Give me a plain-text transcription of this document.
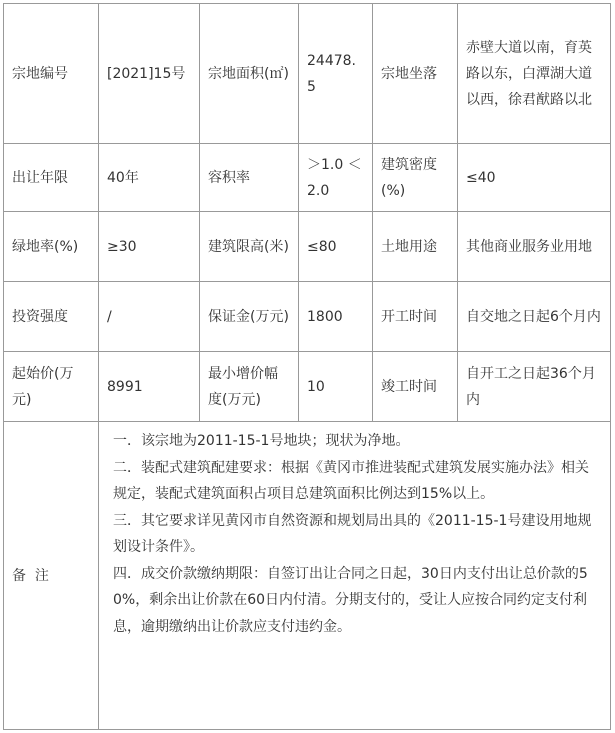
宗地编号	[2021]15号	宗地面积(㎡)	24478.5	宗地坐落	赤壁大道以南，育英路以东，白潭湖大道以西，徐君猷路以北
出让年限	40年	容积率	＞1.0 ＜2.0	建筑密度(%)	≤40
绿地率(%)	≥30	建筑限高(米)	≤80	土地用途	其他商业服务业用地
投资强度	/	保证金(万元)	1800	开工时间	自交地之日起6个月内
起始价(万元)	8991	最小增价幅度(万元)	10	竣工时间	自开工之日起36个月内
备  注	一．该宗地为2011-15-1号地块；现状为净地。
二．装配式建筑配建要求：根据《黄冈市推进装配式建筑发展实施办法》相关规定，装配式建筑面积占项目总建筑面积比例达到15%以上。
三．其它要求详见黄冈市自然资源和规划局出具的《2011-15-1号建设用地规划设计条件》。
四．成交价款缴纳期限：自签订出让合同之日起，30日内支付出让总价款的50%，剩余出让价款在60日内付清。分期支付的，受让人应按合同约定支付利息，逾期缴纳出让价款应支付违约金。				
